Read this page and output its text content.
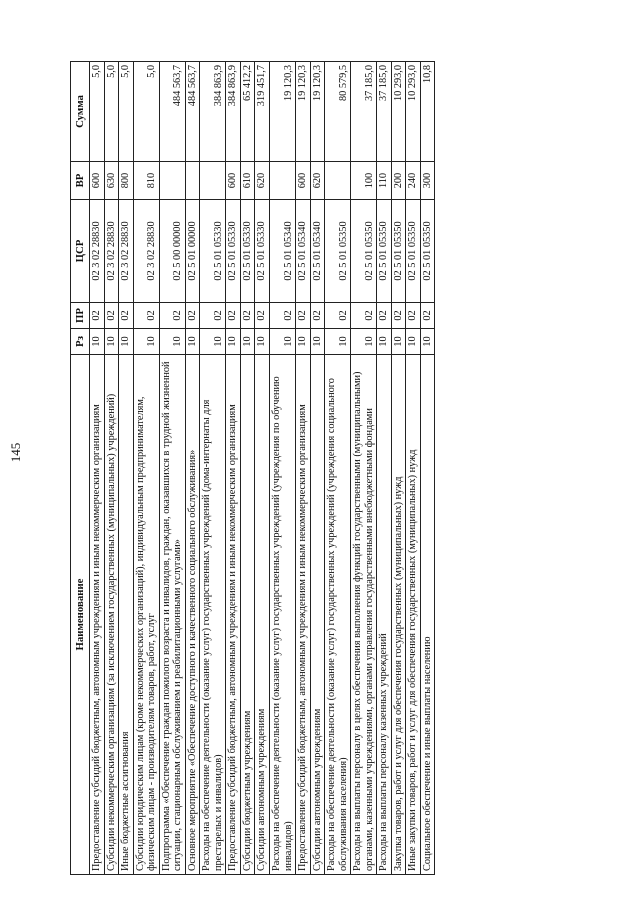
145
Наименование	Рз	ПР	ЦСР	ВР	Сумма
Предоставление субсидий бюджетным, автономным учреждениям и иным некоммерческим организациям	10	02	02 3 02 28830	600	5,0
Субсидии некоммерческим организациям (за исключением государственных (муниципальных) учреждений)	10	02	02 3 02 28830	630	5,0
Иные бюджетные ассигнования	10	02	02 3 02 28830	800	5,0
Субсидии юридическим лицам (кроме некоммерческих организаций), индивидуальным предпринимателям, физическим лицам - производителям товаров, работ, услуг	10	02	02 3 02 28830	810	5,0
Подпрограмма «Обеспечение граждан пожилого возраста и инвалидов, граждан, оказавшихся в трудной жизненной ситуации, стационарным обслуживанием и реабилитационными услугами»	10	02	02 5 00 00000		484 563,7
Основное мероприятие «Обеспечение доступного и качественного социального обслуживания»	10	02	02 5 01 00000		484 563,7
Расходы на обеспечение деятельности (оказание услуг) государственных учреждений (дома-интернаты для престарелых и инвалидов)	10	02	02 5 01 05330		384 863,9
Предоставление субсидий бюджетным, автономным учреждениям и иным некоммерческим организациям	10	02	02 5 01 05330	600	384 863,9
Субсидии бюджетным учреждениям	10	02	02 5 01 05330	610	65 412,2
Субсидии автономным учреждениям	10	02	02 5 01 05330	620	319 451,7
Расходы на обеспечение деятельности (оказание услуг) государственных учреждений (учреждения по обучению инвалидов)	10	02	02 5 01 05340		19 120,3
Предоставление субсидий бюджетным, автономным учреждениям и иным некоммерческим организациям	10	02	02 5 01 05340	600	19 120,3
Субсидии автономным учреждениям	10	02	02 5 01 05340	620	19 120,3
Расходы на обеспечение деятельности (оказание услуг) государственных учреждений (учреждения социального обслуживания населения)	10	02	02 5 01 05350		80 579,5
Расходы на выплаты персоналу в целях обеспечения выполнения функций государственными (муниципальными) органами, казенными учреждениями, органами управления государственными внебюджетными фондами	10	02	02 5 01 05350	100	37 185,0
Расходы на выплаты персоналу казенных учреждений	10	02	02 5 01 05350	110	37 185,0
Закупка товаров, работ и услуг для обеспечения государственных (муниципальных) нужд	10	02	02 5 01 05350	200	10 293,0
Иные закупки товаров, работ и услуг для обеспечения государственных (муниципальных) нужд	10	02	02 5 01 05350	240	10 293,0
Социальное обеспечение и иные выплаты населению	10	02	02 5 01 05350	300	10,8
